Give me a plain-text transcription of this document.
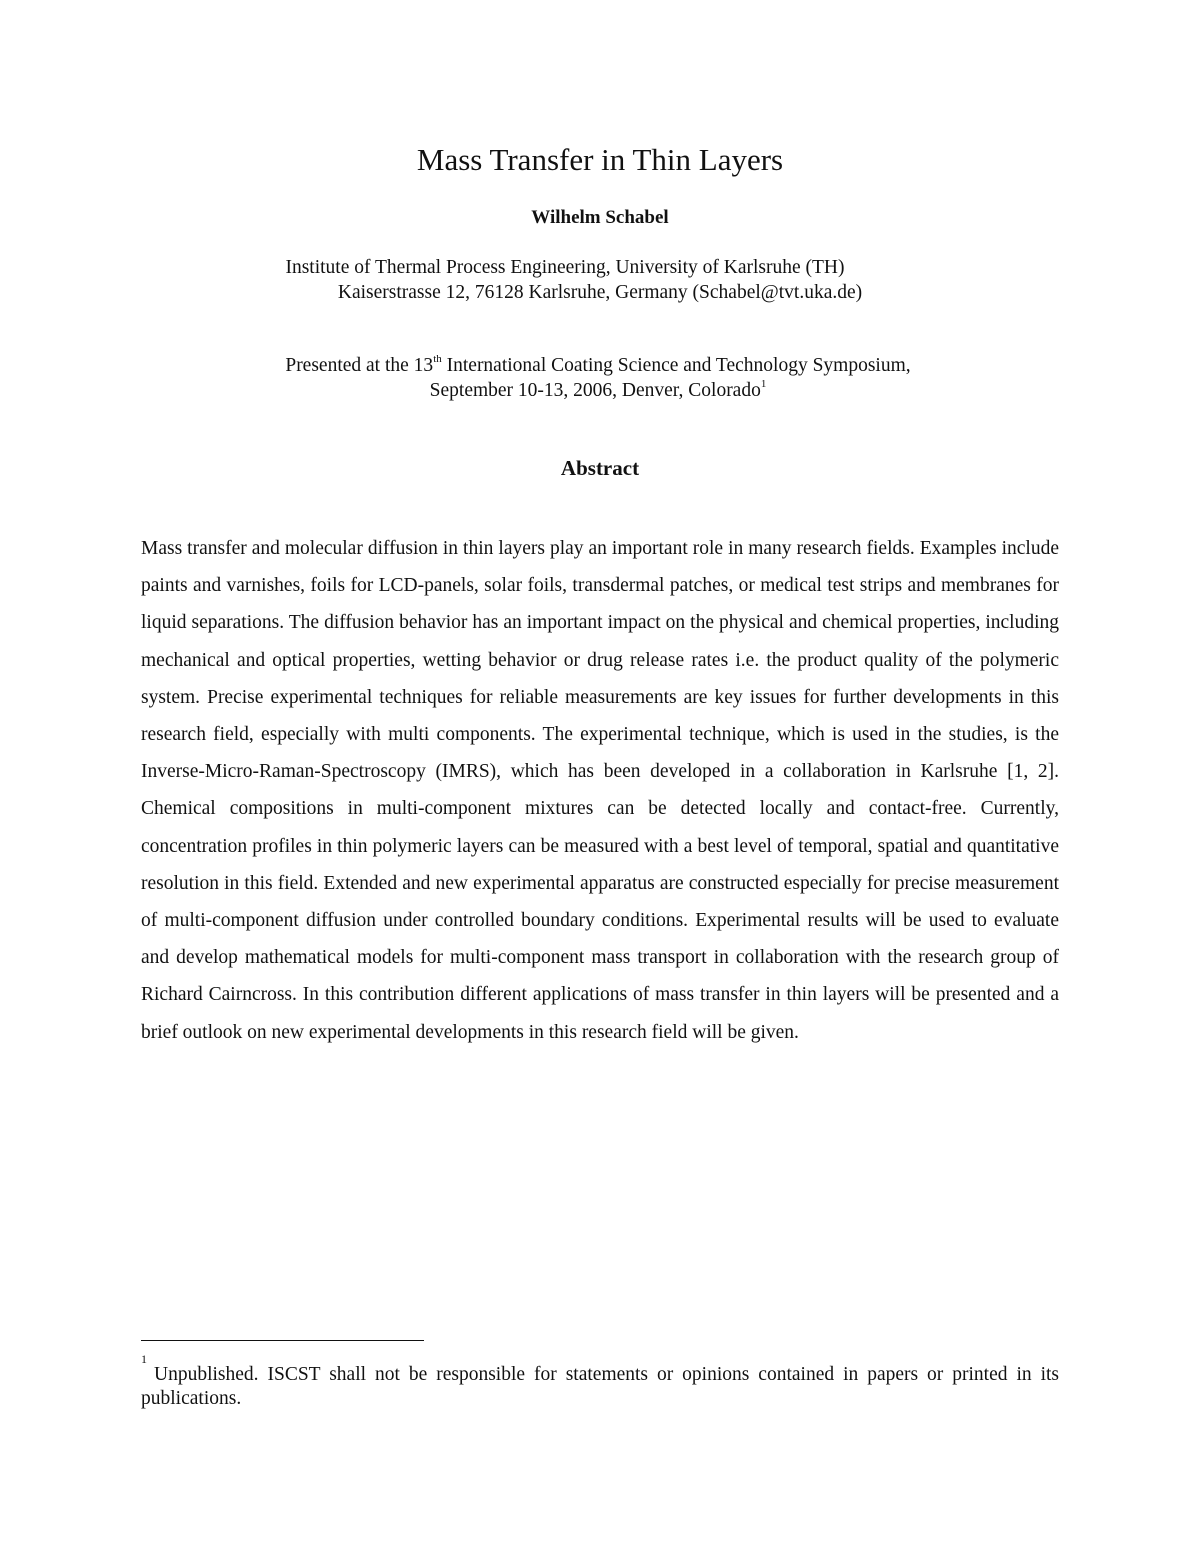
Mass Transfer in Thin Layers
Wilhelm Schabel
Institute of Thermal Process Engineering, University of Karlsruhe (TH)
Kaiserstrasse 12, 76128 Karlsruhe, Germany (Schabel@tvt.uka.de)
Presented at the 13th International Coating Science and Technology Symposium,
September 10-13, 2006, Denver, Colorado$^1$
Abstract

Mass transfer and molecular diffusion in thin layers play an important role in many research fields. Examples include paints and varnishes, foils for LCD-panels, solar foils, transdermal patches, or medical test strips and membranes for liquid separations. The diffusion behavior has an important impact on the physical and chemical properties, including mechanical and optical properties, wetting behavior or drug release rates i.e. the product quality of the polymeric system. Precise experimental techniques for reliable measurements are key issues for further developments in this research field, especially with multi components. The experimental technique, which is used in the studies, is the Inverse-Micro-Raman-Spectroscopy (IMRS), which has been developed in a collaboration in Karlsruhe [1, 2]. Chemical compositions in multi-component mixtures can be detected locally and contact-free. Currently, concentration profiles in thin polymeric layers can be measured with a best level of temporal, spatial and quantitative resolution in this field. Extended and new experimental apparatus are constructed especially for precise measurement of multi-component diffusion under controlled boundary conditions. Experimental results will be used to evaluate and develop mathematical models for multi-component mass transport in collaboration with the research group of Richard Cairncross. In this contribution different applications of mass transfer in thin layers will be presented and a brief outlook on new experimental developments in this research field will be given.

1

Unpublished. ISCST shall not be responsible for statements or opinions contained in papers or printed in its publications.
